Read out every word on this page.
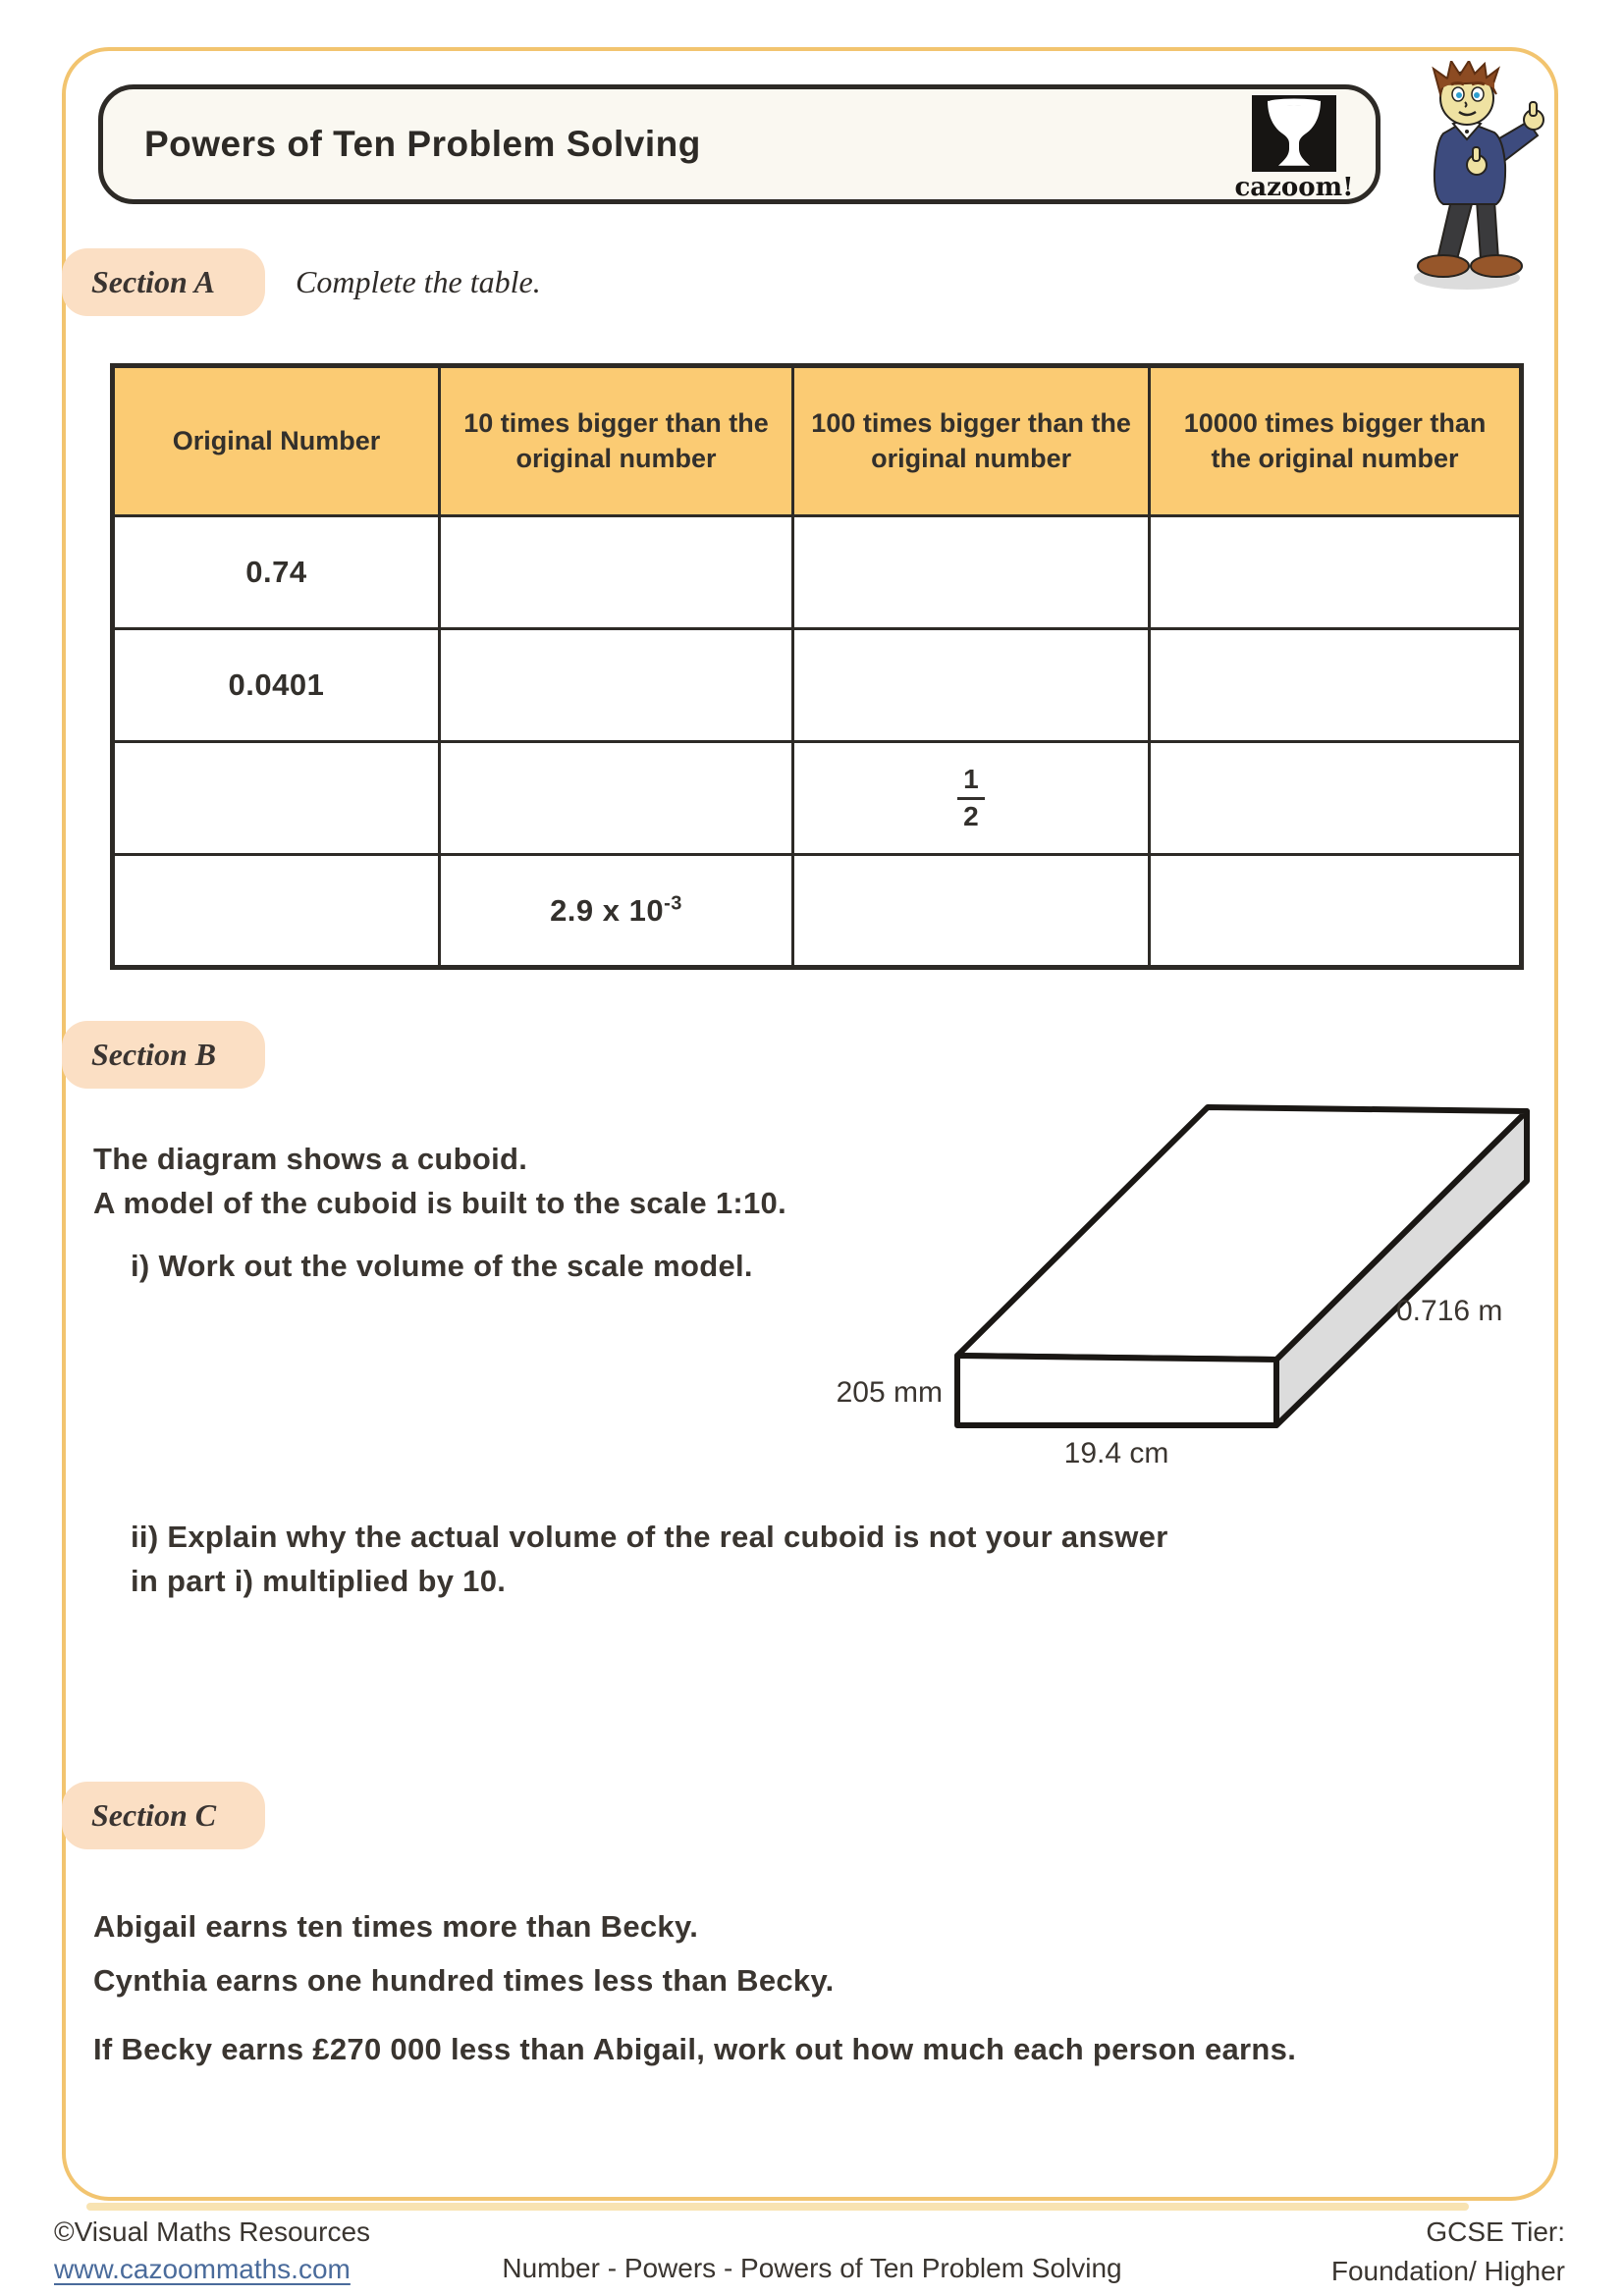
Powers of Ten Problem Solving
cazoom!
Section A	Complete the table.
Original Number	10 times bigger than the original number	100 times bigger than the original number	10000 times bigger than the original number
0.74			
0.0401			

		$\frac{1}{2}$

	2.9 x $10^{-3}$		
Section B
The diagram shows a cuboid.
A model of the cuboid is built to the scale 1:10.
i) Work out the volume of the scale model.
205 mm
19.4 cm
0.716 m
ii) Explain why the actual volume of the real cuboid is not your answer
in part i) multiplied by 10.
Section C
Abigail earns ten times more than Becky.
Cynthia earns one hundred times less than Becky.
If Becky earns £270 000 less than Abigail, work out how much each person earns.
©Visual Maths Resources
www.cazoommaths.com	Number - Powers - Powers of Ten Problem Solving
GCSE Tier:
Foundation/ Higher
